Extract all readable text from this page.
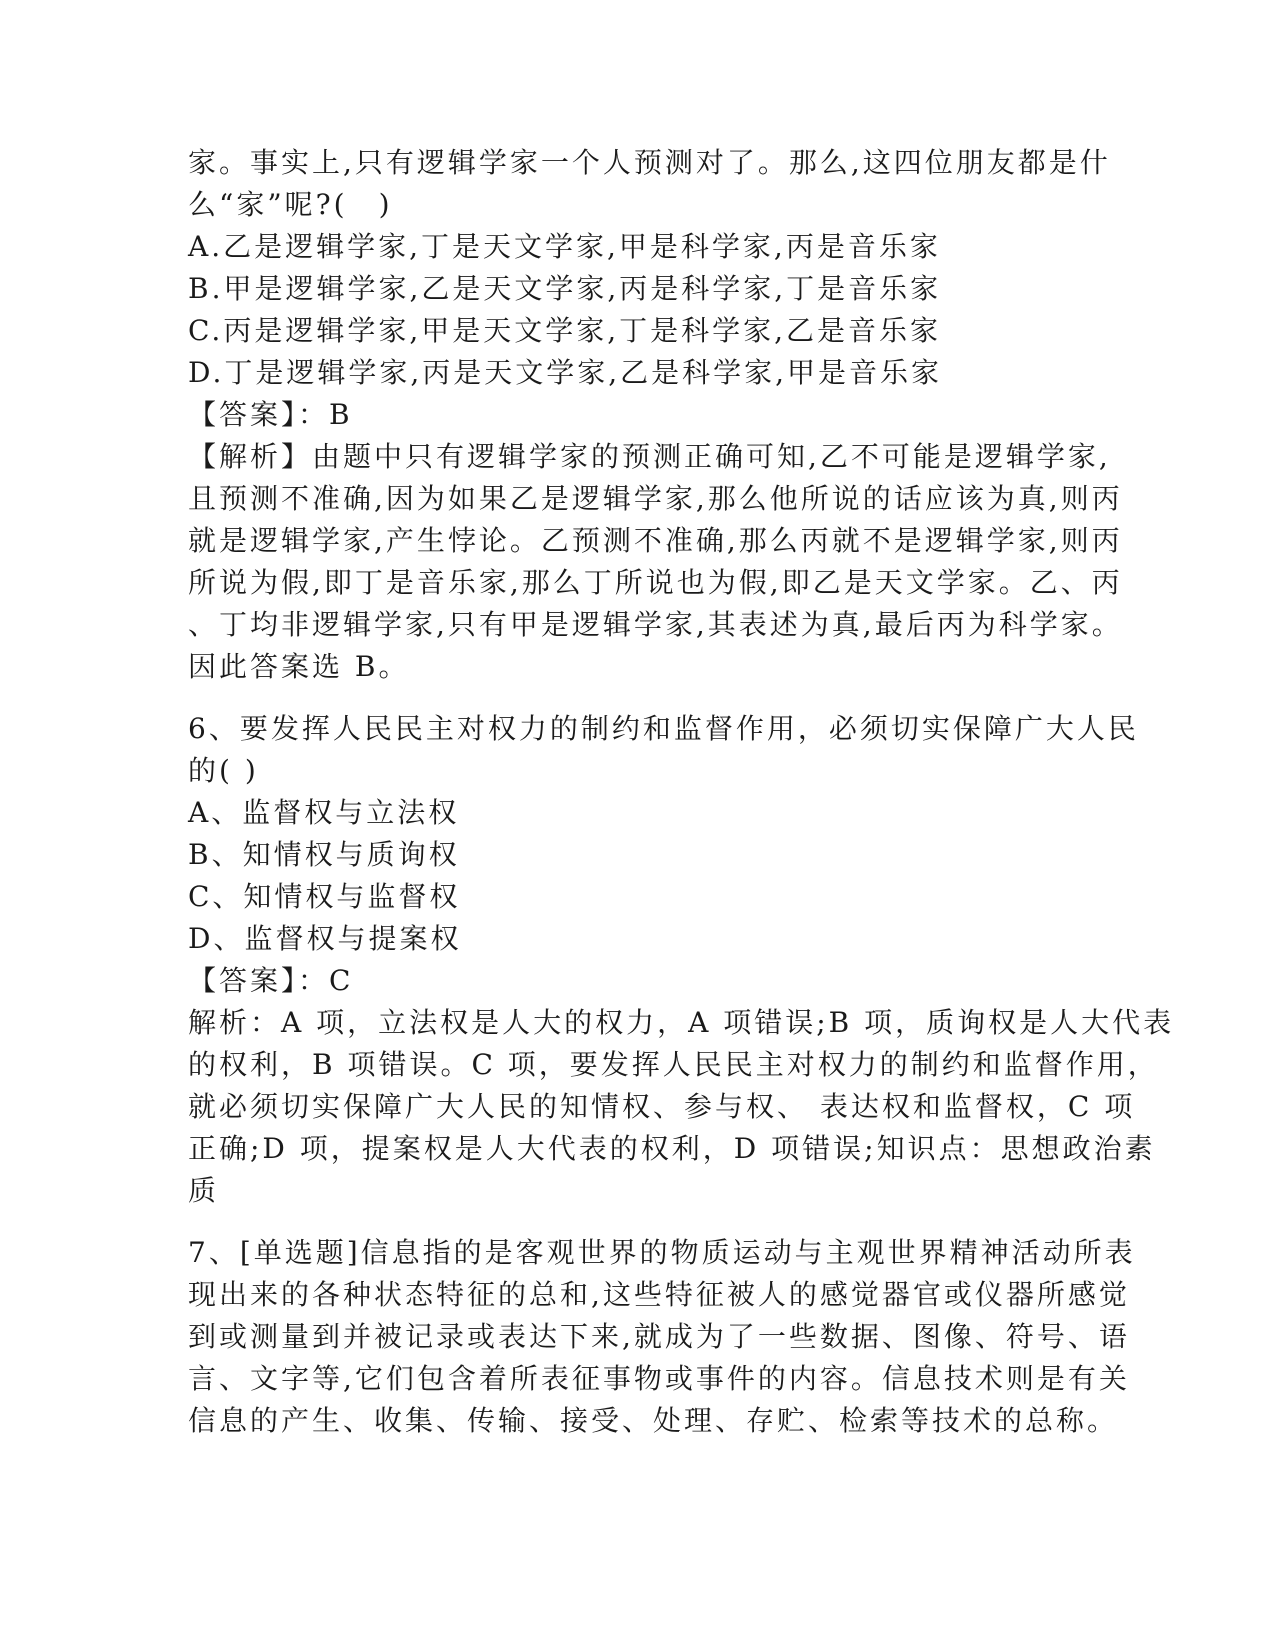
家。事实上,只有逻辑学家一个人预测对了。那么,这四位朋友都是什
么“家”呢?(　)
A.乙是逻辑学家,丁是天文学家,甲是科学家,丙是音乐家
B.甲是逻辑学家,乙是天文学家,丙是科学家,丁是音乐家
C.丙是逻辑学家,甲是天文学家,丁是科学家,乙是音乐家
D.丁是逻辑学家,丙是天文学家,乙是科学家,甲是音乐家
【答案】：B
【解析】由题中只有逻辑学家的预测正确可知,乙不可能是逻辑学家,
且预测不准确,因为如果乙是逻辑学家,那么他所说的话应该为真,则丙
就是逻辑学家,产生悖论。乙预测不准确,那么丙就不是逻辑学家,则丙
所说为假,即丁是音乐家,那么丁所说也为假,即乙是天文学家。乙、丙
、丁均非逻辑学家,只有甲是逻辑学家,其表述为真,最后丙为科学家。
因此答案选 B。
6、要发挥人民民主对权力的制约和监督作用，必须切实保障广大人民
的( )
A、监督权与立法权
B、知情权与质询权
C、知情权与监督权
D、监督权与提案权
【答案】：C
解析：A 项，立法权是人大的权力，A 项错误;B 项，质询权是人大代表
的权利，B 项错误。C 项，要发挥人民民主对权力的制约和监督作用，
就必须切实保障广大人民的知情权、参与权、 表达权和监督权，C 项
正确;D 项，提案权是人大代表的权利，D 项错误;知识点：思想政治素
质
7、[单选题]信息指的是客观世界的物质运动与主观世界精神活动所表
现出来的各种状态特征的总和,这些特征被人的感觉器官或仪器所感觉
到或测量到并被记录或表达下来,就成为了一些数据、图像、符号、语
言、文字等,它们包含着所表征事物或事件的内容。信息技术则是有关
信息的产生、收集、传输、接受、处理、存贮、检索等技术的总称。
